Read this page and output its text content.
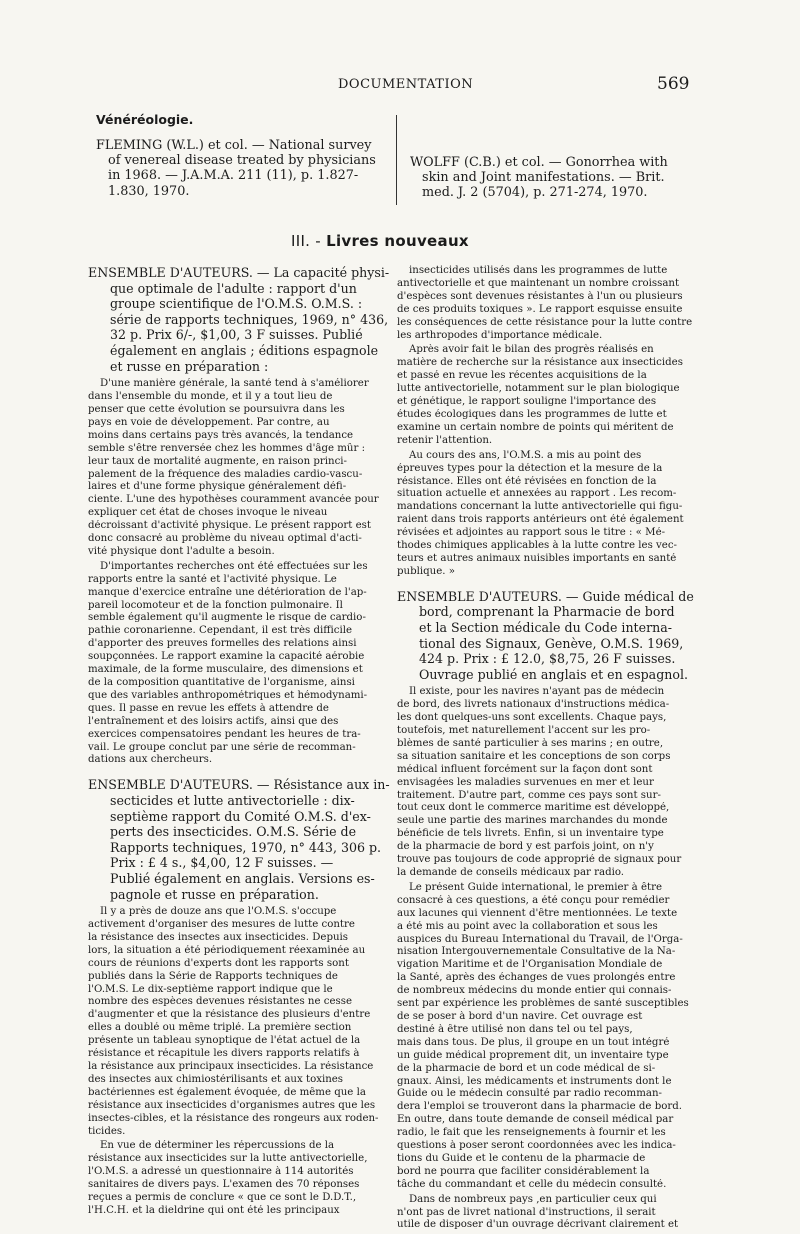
DOCUMENTATION	569
Vénéréologie.
FLEMING (W.L.) et col. — National survey
of venereal disease treated by physicians
in 1968. — J.A.M.A. 211 (11), p. 1.827-
1.830, 1970.
WOLFF (C.B.) et col. — Gonorrhea with
skin and Joint manifestations. — Brit.
med. J. 2 (5704), p. 271-274, 1970.
III. - Livres nouveaux
ENSEMBLE D'AUTEURS. — La capacité physi-
que optimale de l'adulte : rapport d'un
groupe scientifique de l'O.M.S. O.M.S. :
série de rapports techniques, 1969, n° 436,
32 p. Prix 6/-, $1,00, 3 F suisses. Publié
également en anglais ; éditions espagnole
et russe en préparation :
D'une manière générale, la santé tend à s'améliorer
dans l'ensemble du monde, et il y a tout lieu de
penser que cette évolution se poursuivra dans les
pays en voie de développement. Par contre, au
moins dans certains pays très avancés, la tendance
semble s'être renversée chez les hommes d'âge mûr :
leur taux de mortalité augmente, en raison princi-
palement de la fréquence des maladies cardio-vascu-
laires et d'une forme physique généralement défi-
ciente. L'une des hypothèses couramment avancée pour
expliquer cet état de choses invoque le niveau
décroissant d'activité physique. Le présent rapport est
donc consacré au problème du niveau optimal d'acti-
vité physique dont l'adulte a besoin.
D'importantes recherches ont été effectuées sur les
rapports entre la santé et l'activité physique. Le
manque d'exercice entraîne une détérioration de l'ap-
pareil locomoteur et de la fonction pulmonaire. Il
semble également qu'il augmente le risque de cardio-
pathie coronarienne. Cependant, il est très difficile
d'apporter des preuves formelles des relations ainsi
soupçonnées. Le rapport examine la capacité aérobie
maximale, de la forme musculaire, des dimensions et
de la composition quantitative de l'organisme, ainsi
que des variables anthropométriques et hémodynami-
ques. Il passe en revue les effets à attendre de
l'entraînement et des loisirs actifs, ainsi que des
exercices compensatoires pendant les heures de tra-
vail. Le groupe conclut par une série de recomman-
dations aux chercheurs.
ENSEMBLE D'AUTEURS. — Résistance aux in-
secticides et lutte antivectorielle : dix-
septième rapport du Comité O.M.S. d'ex-
perts des insecticides. O.M.S. Série de
Rapports techniques, 1970, n° 443, 306 p.
Prix : £ 4 s., $4,00, 12 F suisses. —
Publié également en anglais. Versions es-
pagnole et russe en préparation.
Il y a près de douze ans que l'O.M.S. s'occupe
activement d'organiser des mesures de lutte contre
la résistance des insectes aux insecticides. Depuis
lors, la situation a été périodiquement réexaminée au
cours de réunions d'experts dont les rapports sont
publiés dans la Série de Rapports techniques de
l'O.M.S. Le dix-septième rapport indique que le
nombre des espèces devenues résistantes ne cesse
d'augmenter et que la résistance des plusieurs d'entre
elles a doublé ou même triplé. La première section
présente un tableau synoptique de l'état actuel de la
résistance et récapitule les divers rapports relatifs à
la résistance aux principaux insecticides. La résistance
des insectes aux chimiostérilisants et aux toxines
bactériennes est également évoquée, de même que la
résistance aux insecticides d'organismes autres que les
insectes-cibles, et la résistance des rongeurs aux roden-
ticides.
En vue de déterminer les répercussions de la
résistance aux insecticides sur la lutte antivectorielle,
l'O.M.S. a adressé un questionnaire à 114 autorités
sanitaires de divers pays. L'examen des 70 réponses
reçues a permis de conclure « que ce sont le D.D.T.,
l'H.C.H. et la dieldrine qui ont été les principaux
insecticides utilisés dans les programmes de lutte
antivectorielle et que maintenant un nombre croissant
d'espèces sont devenues résistantes à l'un ou plusieurs
de ces produits toxiques ». Le rapport esquisse ensuite
les conséquences de cette résistance pour la lutte contre
les arthropodes d'importance médicale.
Après avoir fait le bilan des progrès réalisés en
matière de recherche sur la résistance aux insecticides
et passé en revue les récentes acquisitions de la
lutte antivectorielle, notamment sur le plan biologique
et génétique, le rapport souligne l'importance des
études écologiques dans les programmes de lutte et
examine un certain nombre de points qui méritent de
retenir l'attention.
Au cours des ans, l'O.M.S. a mis au point des
épreuves types pour la détection et la mesure de la
résistance. Elles ont été révisées en fonction de la
situation actuelle et annexées au rapport . Les recom-
mandations concernant la lutte antivectorielle qui figu-
raient dans trois rapports antérieurs ont été également
révisées et adjointes au rapport sous le titre : « Mé-
thodes chimiques applicables à la lutte contre les vec-
teurs et autres animaux nuisibles importants en santé
publique. »
ENSEMBLE D'AUTEURS. — Guide médical de
bord, comprenant la Pharmacie de bord
et la Section médicale du Code interna-
tional des Signaux, Genève, O.M.S. 1969,
424 p. Prix : £ 12.0, $8,75, 26 F suisses.
Ouvrage publié en anglais et en espagnol.
Il existe, pour les navires n'ayant pas de médecin
de bord, des livrets nationaux d'instructions médica-
les dont quelques-uns sont excellents. Chaque pays,
toutefois, met naturellement l'accent sur les pro-
blèmes de santé particulier à ses marins ; en outre,
sa situation sanitaire et les conceptions de son corps
médical influent forcément sur la façon dont sont
envisagées les maladies survenues en mer et leur
traitement. D'autre part, comme ces pays sont sur-
tout ceux dont le commerce maritime est développé,
seule une partie des marines marchandes du monde
bénéficie de tels livrets. Enfin, si un inventaire type
de la pharmacie de bord y est parfois joint, on n'y
trouve pas toujours de code approprié de signaux pour
la demande de conseils médicaux par radio.
Le présent Guide international, le premier à être
consacré à ces questions, a été conçu pour remédier
aux lacunes qui viennent d'être mentionnées. Le texte
a été mis au point avec la collaboration et sous les
auspices du Bureau International du Travail, de l'Orga-
nisation Intergouvernementale Consultative de la Na-
vigation Maritime et de l'Organisation Mondiale de
la Santé, après des échanges de vues prolongés entre
de nombreux médecins du monde entier qui connais-
sent par expérience les problèmes de santé susceptibles
de se poser à bord d'un navire. Cet ouvrage est
destiné à être utilisé non dans tel ou tel pays,
mais dans tous. De plus, il groupe en un tout intégré
un guide médical proprement dit, un inventaire type
de la pharmacie de bord et un code médical de si-
gnaux. Ainsi, les médicaments et instruments dont le
Guide ou le médecin consulté par radio recomman-
dera l'emploi se trouveront dans la pharmacie de bord.
En outre, dans toute demande de conseil médical par
radio, le fait que les renseignements à fournir et les
questions à poser seront coordonnées avec les indica-
tions du Guide et le contenu de la pharmacie de
bord ne pourra que faciliter considérablement la
tâche du commandant et celle du médecin consulté.
Dans de nombreux pays ,en particulier ceux qui
n'ont pas de livret national d'instructions, il serait
utile de disposer d'un ouvrage décrivant clairement et
